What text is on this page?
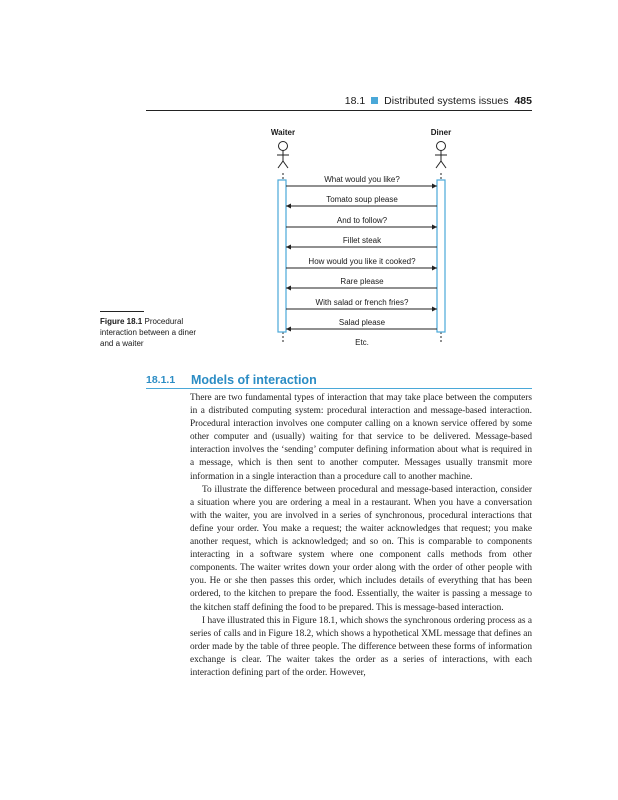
18.1 Distributed systems issues 485
Waiter	Diner
What would you like?
Tomato soup please
And to follow?
Fillet steak
How would you like it cooked?
Rare please
With salad or french fries?
Salad please
Etc.
Figure 18.1 Procedural interaction between a diner and a waiter
18.1.1 Models of interaction

There are two fundamental types of interaction that may take place between the computers in a distributed computing system: procedural interaction and message-based interaction. Procedural interaction involves one computer calling on a known service offered by some other computer and (usually) waiting for that service to be delivered. Message-based interaction involves the ‘sending’ computer defining information about what is required in a message, which is then sent to another computer. Messages usually transmit more information in a single interaction than a procedure call to another machine.

To illustrate the difference between procedural and message-based interaction, consider a situation where you are ordering a meal in a restaurant. When you have a conversation with the waiter, you are involved in a series of synchronous, procedural interactions that define your order. You make a request; the waiter acknowledges that request; you make another request, which is acknowledged; and so on. This is comparable to components interacting in a software system where one component calls methods from other components. The waiter writes down your order along with the order of other people with you. He or she then passes this order, which includes details of everything that has been ordered, to the kitchen to prepare the food. Essentially, the waiter is passing a message to the kitchen staff defining the food to be prepared. This is message-based interaction.

I have illustrated this in Figure 18.1, which shows the synchronous ordering process as a series of calls and in Figure 18.2, which shows a hypothetical XML message that defines an order made by the table of three people. The difference between these forms of information exchange is clear. The waiter takes the order as a series of interactions, with each interaction defining part of the order. However,
